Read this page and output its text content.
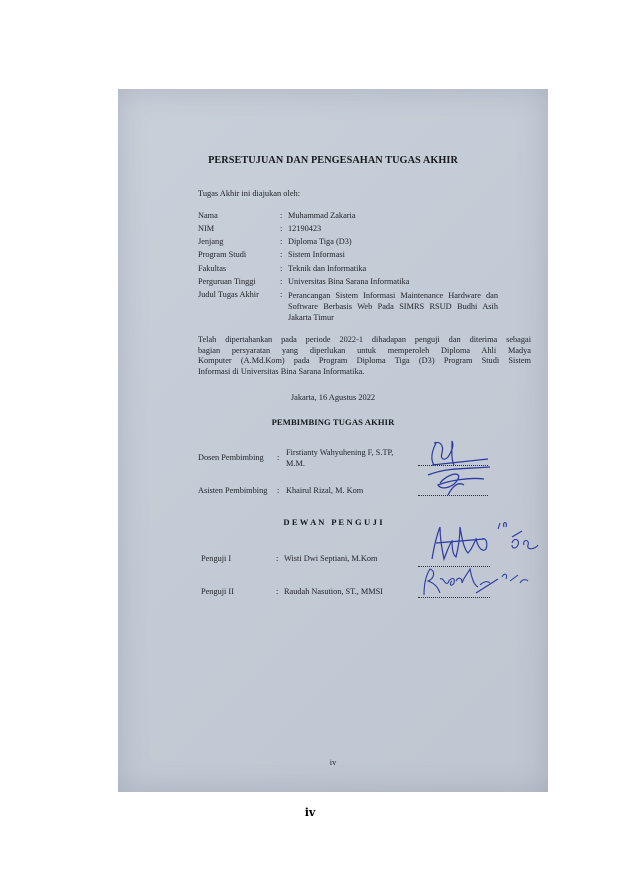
PERSETUJUAN DAN PENGESAHAN TUGAS AKHIR
Tugas Akhir ini diajukan oleh:
Nama	: Muhammad Zakaria
NIM	: 12190423
Jenjang	: Diploma Tiga (D3)
Program Studi	: Sistem Informasi
Fakultas	: Teknik dan Informatika
Perguruan Tinggi	: Universitas Bina Sarana Informatika
Judul Tugas Akhir	: Perancangan Sistem Informasi Maintenance Hardware dan
Software Berbasis Web Pada SIMRS RSUD Budhi Asih
Jakarta Timur
Telah dipertahankan pada periode 2022-1 dihadapan penguji dan diterima sebagai
bagian persyaratan yang diperlukan untuk memperoleh Diploma Ahli Madya
Komputer (A.Md.Kom) pada Program Diploma Tiga (D3) Program Studi Sistem
Informasi di Universitas Bina Sarana Informatika.
Jakarta, 16 Agustus 2022
PEMBIMBING TUGAS AKHIR
Dosen Pembimbing :
Firstianty Wahyuhening F, S.TP,
M.M.
Asisten Pembimbing : Khairul Rizal, M. Kom
D E W A N   P E N G U J I
Penguji I	: Wisti Dwi Septiani, M.Kom
Penguji II	: Raudah Nasution, ST., MMSI
iv
iv
